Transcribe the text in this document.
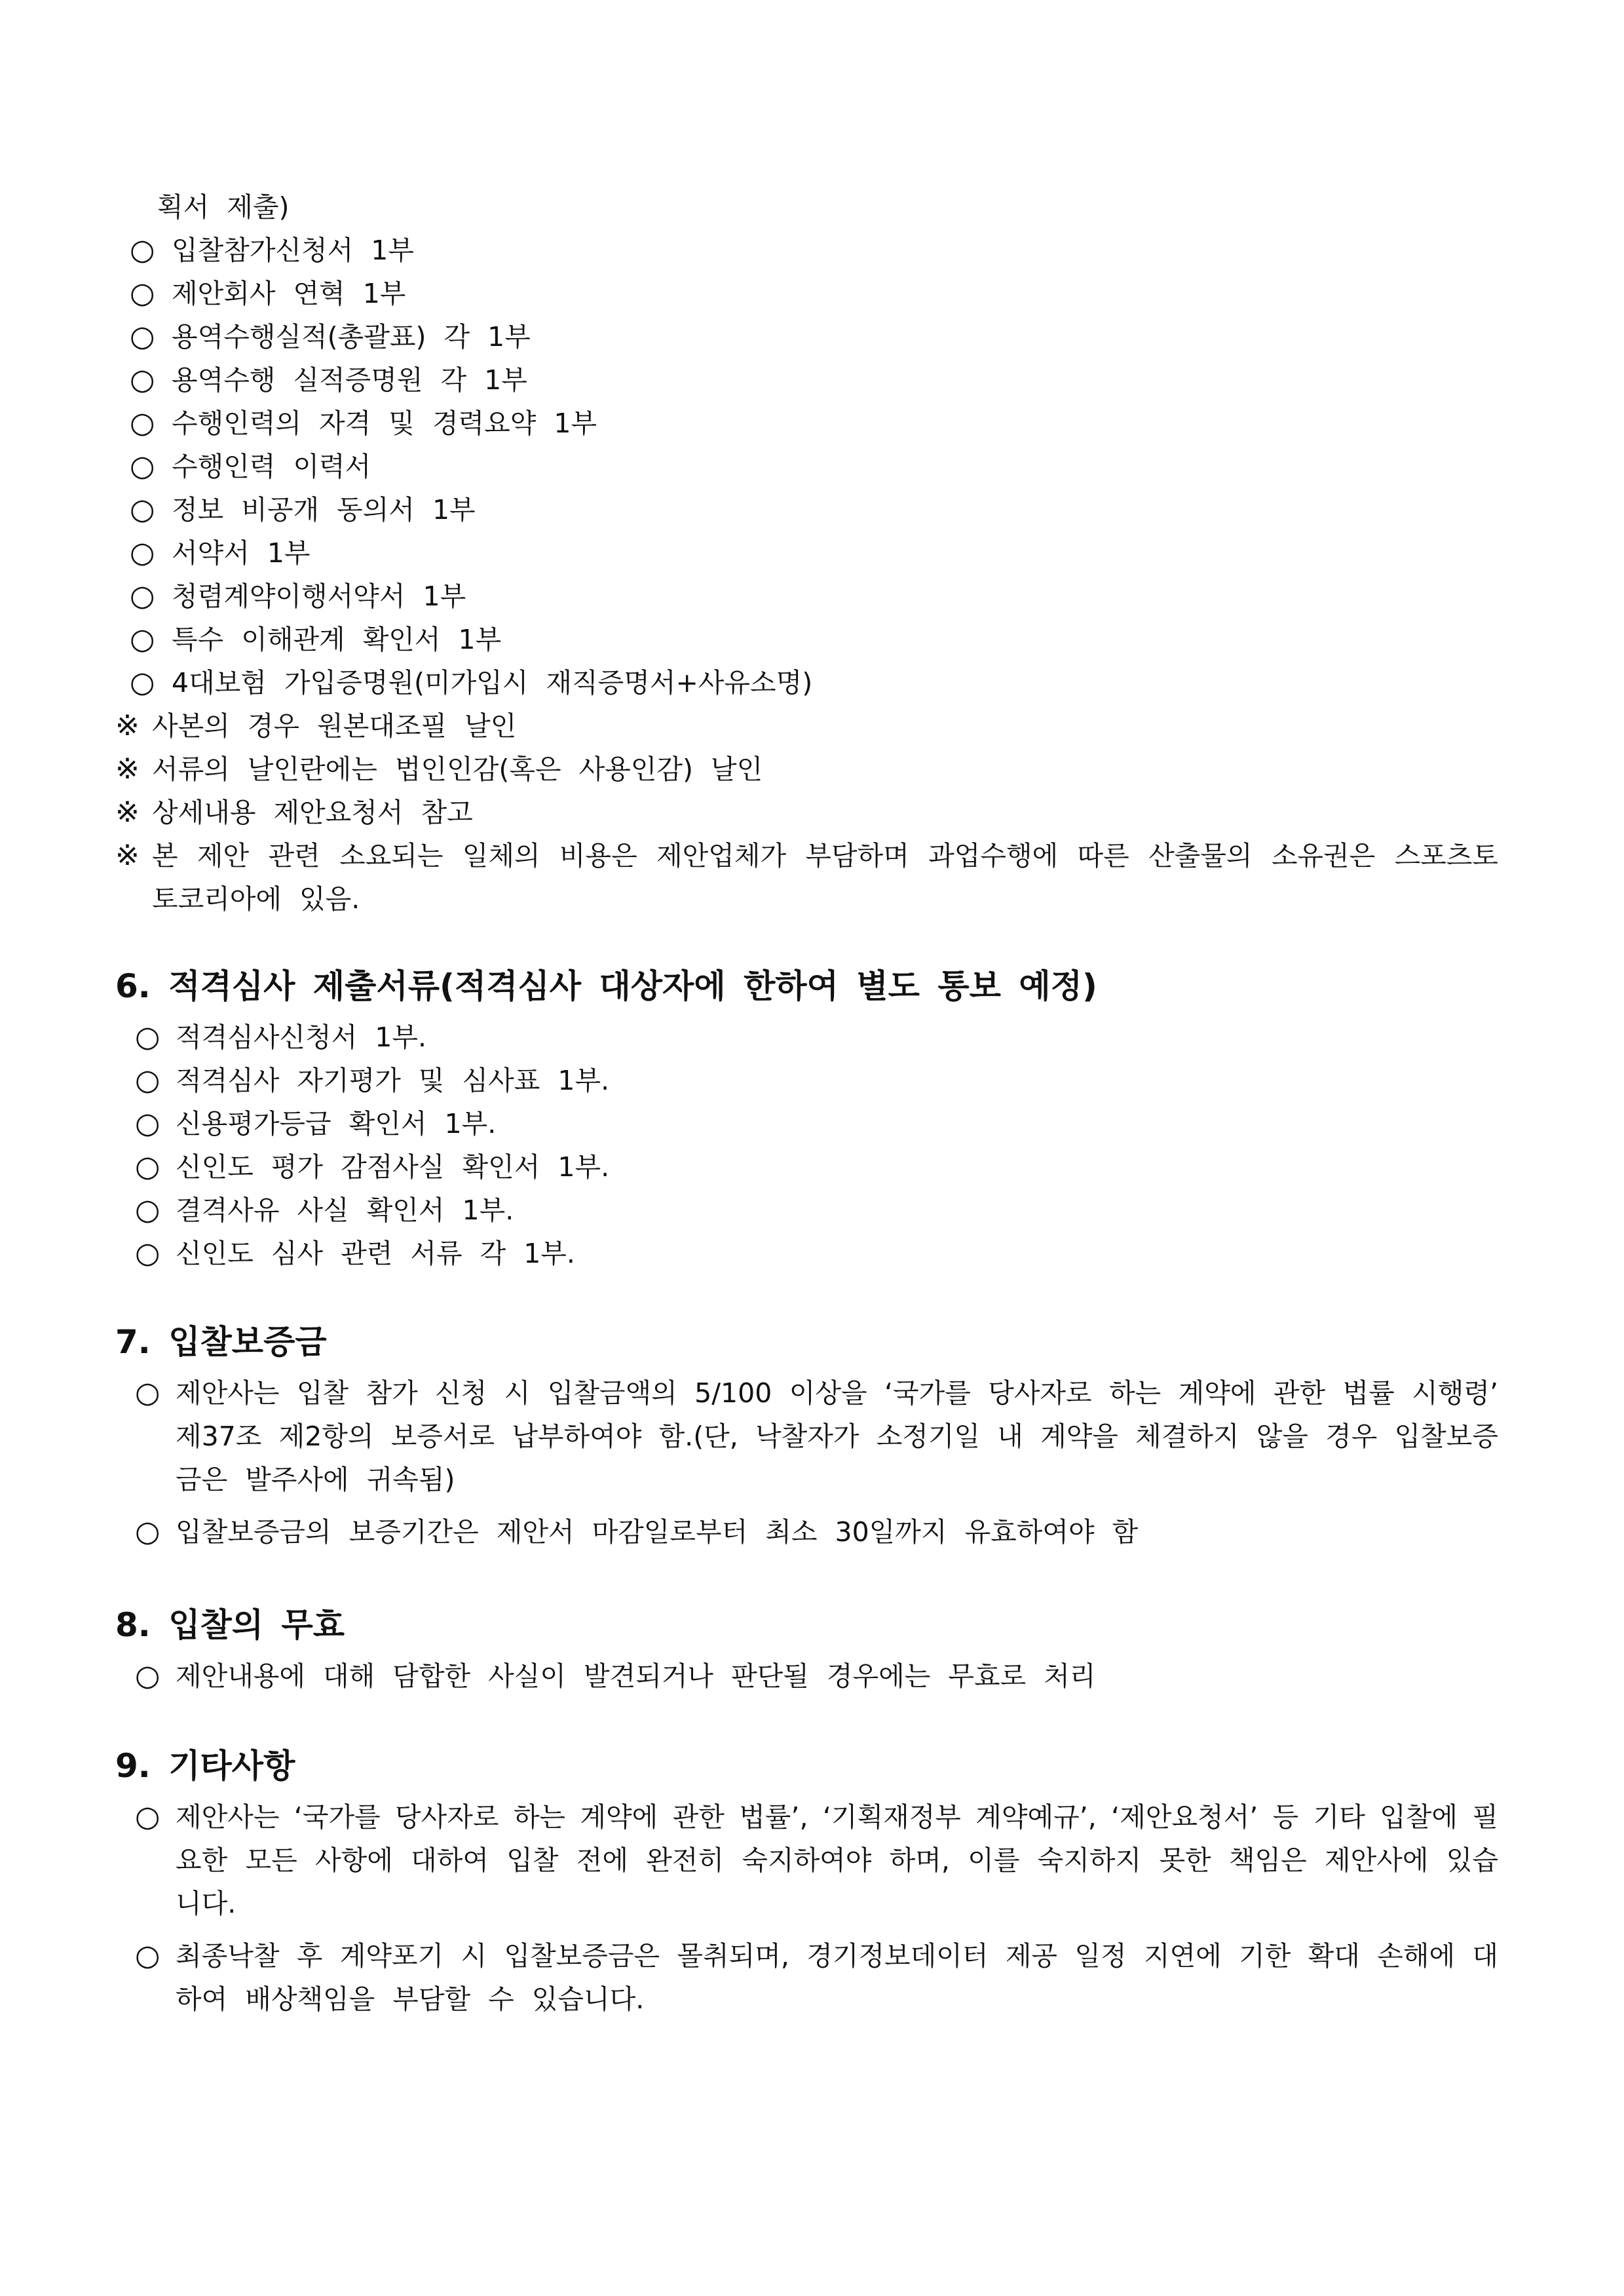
획서 제출)
○ 입찰참가신청서 1부
○ 제안회사 연혁 1부
○ 용역수행실적(총괄표) 각 1부
○ 용역수행 실적증명원 각 1부
○ 수행인력의 자격 및 경력요약 1부
○ 수행인력 이력서
○ 정보 비공개 동의서 1부
○ 서약서 1부
○ 청렴계약이행서약서 1부
○ 특수 이해관계 확인서 1부
○ 4대보험 가입증명원(미가입시 재직증명서+사유소명)
※ 사본의 경우 원본대조필 날인
※ 서류의 날인란에는 법인인감(혹은 사용인감) 날인
※ 상세내용 제안요청서 참고
※ 본 제안 관련 소요되는 일체의 비용은 제안업체가 부담하며 과업수행에 따른 산출물의 소유권은 스포츠토
토코리아에 있음.
6. 적격심사 제출서류(적격심사 대상자에 한하여 별도 통보 예정)
○ 적격심사신청서 1부.
○ 적격심사 자기평가 및 심사표 1부.
○ 신용평가등급 확인서 1부.
○ 신인도 평가 감점사실 확인서 1부.
○ 결격사유 사실 확인서 1부.
○ 신인도 심사 관련 서류 각 1부.
7. 입찰보증금
○ 제안사는 입찰 참가 신청 시 입찰금액의 5/100 이상을 ‘국가를 당사자로 하는 계약에 관한 법률 시행령’
제37조 제2항의 보증서로 납부하여야 함.(단, 낙찰자가 소정기일 내 계약을 체결하지 않을 경우 입찰보증
금은 발주사에 귀속됨)
○ 입찰보증금의 보증기간은 제안서 마감일로부터 최소 30일까지 유효하여야 함
8. 입찰의 무효
○ 제안내용에 대해 담합한 사실이 발견되거나 판단될 경우에는 무효로 처리
9. 기타사항
○ 제안사는 ‘국가를 당사자로 하는 계약에 관한 법률’, ‘기획재정부 계약예규’, ‘제안요청서’ 등 기타 입찰에 필
요한 모든 사항에 대하여 입찰 전에 완전히 숙지하여야 하며, 이를 숙지하지 못한 책임은 제안사에 있습
니다.
○ 최종낙찰 후 계약포기 시 입찰보증금은 몰취되며, 경기정보데이터 제공 일정 지연에 기한 확대 손해에 대
하여 배상책임을 부담할 수 있습니다.
